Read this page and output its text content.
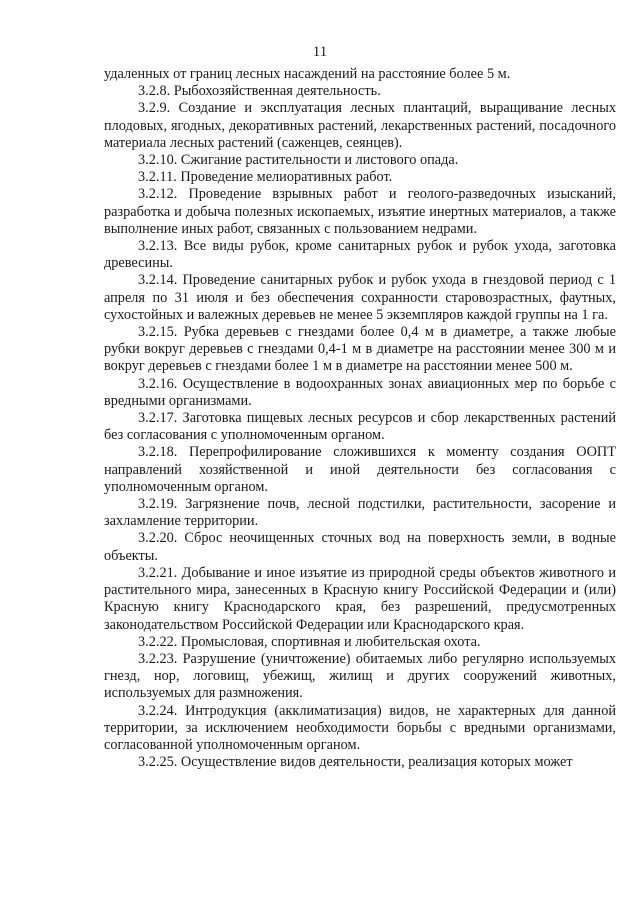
11

удаленных от границ лесных насаждений на расстояние более 5 м.

3.2.8. Рыбохозяйственная деятельность.

3.2.9. Создание и эксплуатация лесных плантаций, выращивание лесных плодовых, ягодных, декоративных растений, лекарственных растений, посадочного материала лесных растений (саженцев, сеянцев).

3.2.10. Сжигание растительности и листового опада.

3.2.11. Проведение мелиоративных работ.

3.2.12. Проведение взрывных работ и геолого-разведочных изысканий, разработка и добыча полезных ископаемых, изъятие инертных материалов, а также выполнение иных работ, связанных с пользованием недрами.

3.2.13. Все виды рубок, кроме санитарных рубок и рубок ухода, заготовка древесины.

3.2.14. Проведение санитарных рубок и рубок ухода в гнездовой период с 1 апреля по 31 июля и без обеспечения сохранности старовозрастных, фаутных, сухостойных и валежных деревьев не менее 5 экземпляров каждой группы на 1 га.

3.2.15. Рубка деревьев с гнездами более 0,4 м в диаметре, а также любые рубки вокруг деревьев с гнездами 0,4-1 м в диаметре на расстоянии менее 300 м и вокруг деревьев с гнездами более 1 м в диаметре на расстоянии менее 500 м.

3.2.16. Осуществление в водоохранных зонах авиационных мер по борьбе с вредными организмами.

3.2.17. Заготовка пищевых лесных ресурсов и сбор лекарственных растений без согласования с уполномоченным органом.

3.2.18. Перепрофилирование сложившихся к моменту создания ООПТ направлений хозяйственной и иной деятельности без согласования с уполномоченным органом.

3.2.19. Загрязнение почв, лесной подстилки, растительности, засорение и захламление территории.

3.2.20. Сброс неочищенных сточных вод на поверхность земли, в водные объекты.

3.2.21. Добывание и иное изъятие из природной среды объектов животного и растительного мира, занесенных в Красную книгу Российской Федерации и (или) Красную книгу Краснодарского края, без разрешений, предусмотренных законодательством Российской Федерации или Краснодарского края.

3.2.22. Промысловая, спортивная и любительская охота.

3.2.23. Разрушение (уничтожение) обитаемых либо регулярно используемых гнезд, нор, логовищ, убежищ, жилищ и других сооружений животных, используемых для размножения.

3.2.24. Интродукция (акклиматизация) видов, не характерных для данной территории, за исключением необходимости борьбы с вредными организмами, согласованной уполномоченным органом.

3.2.25. Осуществление видов деятельности, реализация которых может
